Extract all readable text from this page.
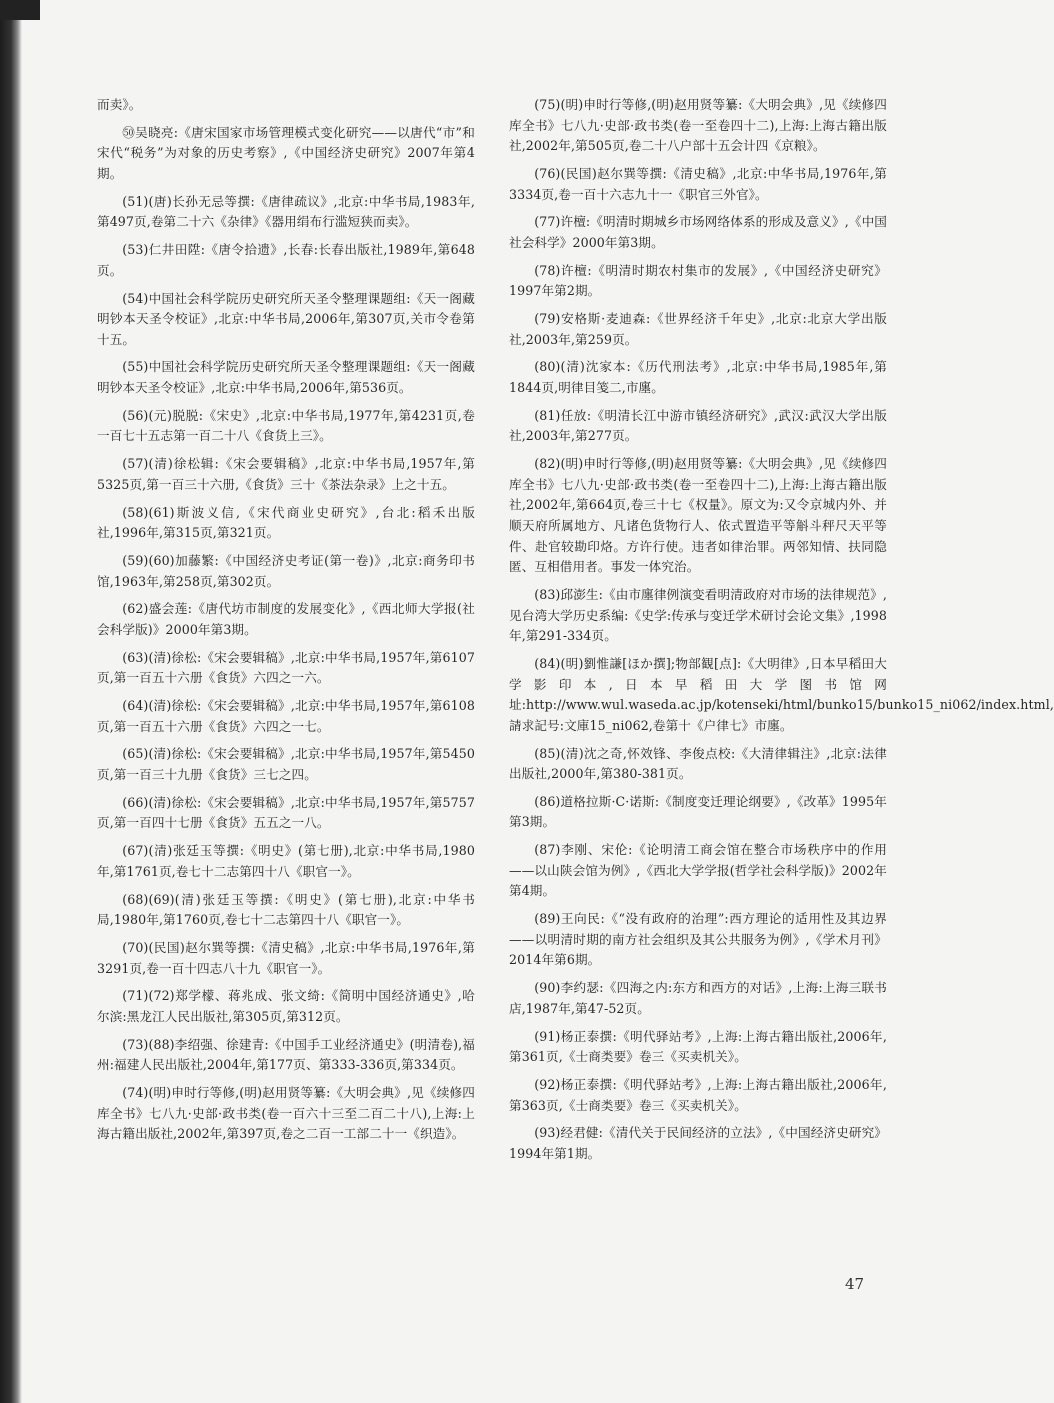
而卖》。

㊿吴晓亮:《唐宋国家市场管理模式变化研究——以唐代“市”和宋代“税务”为对象的历史考察》,《中国经济史研究》2007年第4期。

(51)(唐)长孙无忌等撰:《唐律疏议》,北京:中华书局,1983年,第497页,卷第二十六《杂律》《器用绢布行滥短狭而卖》。

(53)仁井田陞:《唐令拾遗》,长春:长春出版社,1989年,第648页。

(54)中国社会科学院历史研究所天圣令整理课题组:《天一阁藏明钞本天圣令校证》,北京:中华书局,2006年,第307页,关市令卷第十五。

(55)中国社会科学院历史研究所天圣令整理课题组:《天一阁藏明钞本天圣令校证》,北京:中华书局,2006年,第536页。

(56)(元)脱脱:《宋史》,北京:中华书局,1977年,第4231页,卷一百七十五志第一百二十八《食货上三》。

(57)(清)徐松辑:《宋会要辑稿》,北京:中华书局,1957年,第5325页,第一百三十六册,《食货》三十《茶法杂录》上之十五。

(58)(61)斯波义信,《宋代商业史研究》,台北:稻禾出版社,1996年,第315页,第321页。

(59)(60)加藤繁:《中国经济史考证(第一卷)》,北京:商务印书馆,1963年,第258页,第302页。

(62)盛会莲:《唐代坊市制度的发展变化》,《西北师大学报(社会科学版)》2000年第3期。

(63)(清)徐松:《宋会要辑稿》,北京:中华书局,1957年,第6107页,第一百五十六册《食货》六四之一六。

(64)(清)徐松:《宋会要辑稿》,北京:中华书局,1957年,第6108页,第一百五十六册《食货》六四之一七。

(65)(清)徐松:《宋会要辑稿》,北京:中华书局,1957年,第5450页,第一百三十九册《食货》三七之四。

(66)(清)徐松:《宋会要辑稿》,北京:中华书局,1957年,第5757页,第一百四十七册《食货》五五之一八。

(67)(清)张廷玉等撰:《明史》(第七册),北京:中华书局,1980年,第1761页,卷七十二志第四十八《职官一》。

(68)(69)(清)张廷玉等撰:《明史》(第七册),北京:中华书局,1980年,第1760页,卷七十二志第四十八《职官一》。

(70)(民国)赵尔巽等撰:《清史稿》,北京:中华书局,1976年,第3291页,卷一百十四志八十九《职官一》。

(71)(72)郑学檬、蒋兆成、张文绮:《简明中国经济通史》,哈尔滨:黑龙江人民出版社,第305页,第312页。

(73)(88)李绍强、徐建青:《中国手工业经济通史》(明清卷),福州:福建人民出版社,2004年,第177页、第333-336页,第334页。

(74)(明)申时行等修,(明)赵用贤等纂:《大明会典》,见《续修四库全书》七八九·史部·政书类(卷一百六十三至二百二十八),上海:上海古籍出版社,2002年,第397页,卷之二百一工部二十一《织造》。

(75)(明)申时行等修,(明)赵用贤等纂:《大明会典》,见《续修四库全书》七八九·史部·政书类(卷一至卷四十二),上海:上海古籍出版社,2002年,第505页,卷二十八户部十五会计四《京粮》。

(76)(民国)赵尔巽等撰:《清史稿》,北京:中华书局,1976年,第3334页,卷一百十六志九十一《职官三外官》。

(77)许檀:《明清时期城乡市场网络体系的形成及意义》,《中国社会科学》2000年第3期。

(78)许檀:《明清时期农村集市的发展》,《中国经济史研究》1997年第2期。

(79)安格斯·麦迪森:《世界经济千年史》,北京:北京大学出版社,2003年,第259页。

(80)(清)沈家本:《历代刑法考》,北京:中华书局,1985年,第1844页,明律目笺二,市廛。

(81)任放:《明清长江中游市镇经济研究》,武汉:武汉大学出版社,2003年,第277页。

(82)(明)申时行等修,(明)赵用贤等纂:《大明会典》,见《续修四库全书》七八九·史部·政书类(卷一至卷四十二),上海:上海古籍出版社,2002年,第664页,卷三十七《权量》。原文为:又令京城内外、并顺天府所属地方、凡诸色货物行人、依式置造平等斛斗秤尺天平等件、赴官较勘印烙。方许行使。违者如律治罪。两邻知情、扶同隐匿、互相借用者。事发一体究治。

(83)邱澎生:《由市廛律例演变看明清政府对市场的法律规范》,见台湾大学历史系编:《史学:传承与变迁学术研讨会论文集》,1998年,第291-334页。

(84)(明)劉惟謙[ほか撰];物部観[点]:《大明律》,日本早稻田大学影印本,日本早稻田大学图书馆网址:http://www.wul.waseda.ac.jp/kotenseki/html/bunko15/bunko15_ni062/index.html,請求記号:文庫15_ni062,卷第十《户律七》市廛。

(85)(清)沈之奇,怀效锋、李俊点校:《大清律辑注》,北京:法律出版社,2000年,第380-381页。

(86)道格拉斯·C·诺斯:《制度变迁理论纲要》,《改革》1995年第3期。

(87)李刚、宋伦:《论明清工商会馆在整合市场秩序中的作用——以山陕会馆为例》,《西北大学学报(哲学社会科学版)》2002年第4期。

(89)王向民:《“没有政府的治理”:西方理论的适用性及其边界——以明清时期的南方社会组织及其公共服务为例》,《学术月刊》2014年第6期。

(90)李约瑟:《四海之内:东方和西方的对话》,上海:上海三联书店,1987年,第47-52页。

(91)杨正泰撰:《明代驿站考》,上海:上海古籍出版社,2006年,第361页,《士商类要》卷三《买卖机关》。

(92)杨正泰撰:《明代驿站考》,上海:上海古籍出版社,2006年,第363页,《士商类要》卷三《买卖机关》。

(93)经君健:《清代关于民间经济的立法》,《中国经济史研究》1994年第1期。

47
